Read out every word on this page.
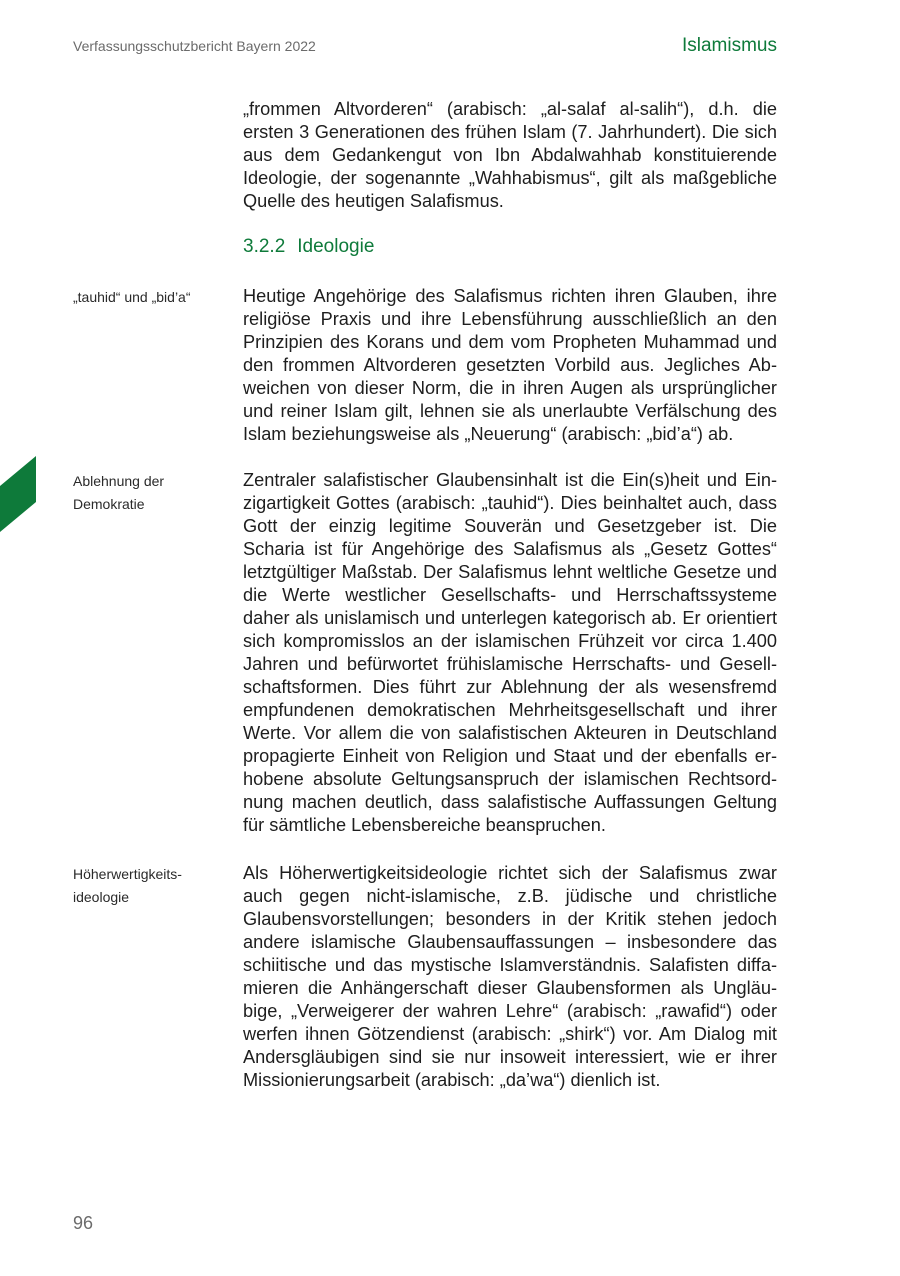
Verfassungsschutzbericht Bayern 2022	Islamismus

„frommen Altvorderen“ (arabisch: „al-salaf al-salih“), d.h. die ersten 3 Generationen des frühen Islam (7. Jahrhundert). Die sich aus dem Gedankengut von Ibn Abdalwahhab konstituierende Ideologie, der sogenannte „Wahhabismus“, gilt als maßgebliche Quelle des heutigen Salafismus.

3.2.2 Ideologie
„tauhid“ und „bid’a“	Heutige Angehörige des Salafismus richten ihren Glauben, ihre religiöse Praxis und ihre Lebensführung ausschließlich an den Prinzipien des Korans und dem vom Propheten Muhammad und den frommen Altvorderen gesetzten Vorbild aus. Jegliches Abweichen von dieser Norm, die in ihren Augen als ursprünglicher und reiner Islam gilt, lehnen sie als unerlaubte Verfälschung des Islam beziehungsweise als „Neuerung“ (arabisch: „bid’a“) ab.

Ablehnung der Demokratie

Zentraler salafistischer Glaubensinhalt ist die Ein(s)heit und Einzigartigkeit Gottes (arabisch: „tauhid“). Dies beinhaltet auch, dass Gott der einzig legitime Souverän und Gesetzgeber ist. Die Scharia ist für Angehörige des Salafismus als „Gesetz Gottes“ letztgültiger Maßstab. Der Salafismus lehnt weltliche Gesetze und die Werte westlicher Gesellschafts- und Herrschaftssysteme daher als unislamisch und unterlegen kategorisch ab. Er orientiert sich kompromisslos an der islamischen Frühzeit vor circa 1.400 Jahren und befürwortet frühislamische Herrschafts- und Gesellschaftsformen. Dies führt zur Ablehnung der als wesensfremd empfundenen demokratischen Mehrheitsgesellschaft und ihrer Werte. Vor allem die von salafistischen Akteuren in Deutschland propagierte Einheit von Religion und Staat und der ebenfalls erhobene absolute Geltungsanspruch der islamischen Rechtsordnung machen deutlich, dass salafistische Auffassungen Geltung für sämtliche Lebensbereiche beanspruchen.

Höherwertigkeitsideologie

Als Höherwertigkeitsideologie richtet sich der Salafismus zwar auch gegen nicht-islamische, z.B. jüdische und christliche Glaubensvorstellungen; besonders in der Kritik stehen jedoch andere islamische Glaubensauffassungen – insbesondere das schiitische und das mystische Islamverständnis. Salafisten diffamieren die Anhängerschaft dieser Glaubensformen als Ungläubige, „Verweigerer der wahren Lehre“ (arabisch: „rawafid“) oder werfen ihnen Götzendienst (arabisch: „shirk“) vor. Am Dialog mit Andersgläubigen sind sie nur insoweit interessiert, wie er ihrer Missionierungsarbeit (arabisch: „da’wa“) dienlich ist.

96
